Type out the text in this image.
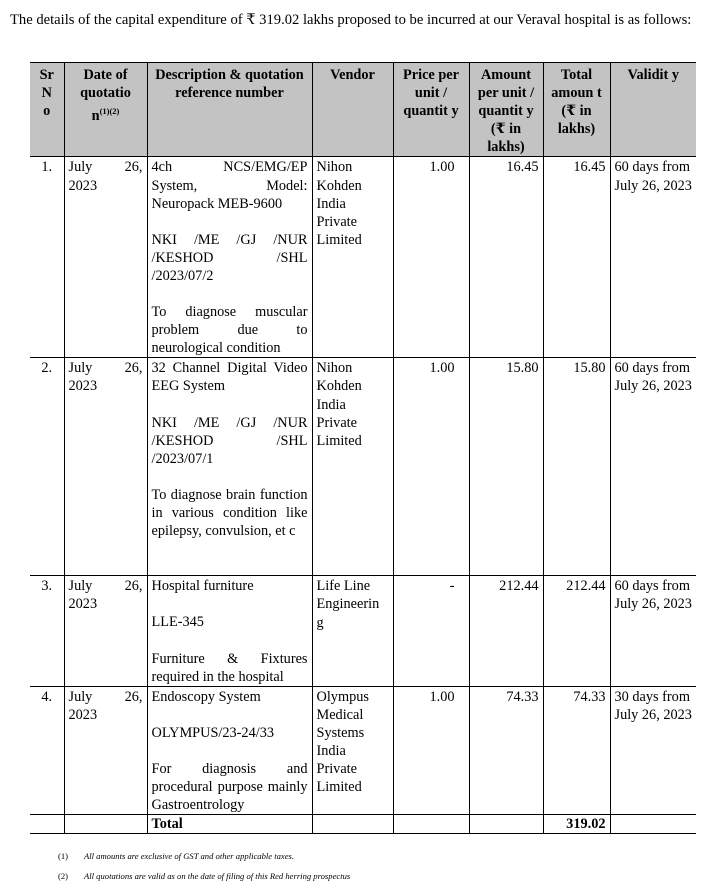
The details of the capital expenditure of ₹ 319.02 lakhs proposed to be incurred at our Veraval hospital is as follows:
Sr N o	Date of quotatio $n^{(1)(2)}$	Description & quotation reference number	Vendor	Price per unit / quantit y	Amount per unit / quantit y (₹ in lakhs)	Total amoun t (₹ in lakhs)	Validit y

1.	July 26, 2023	4ch NCS/EMG/EP System, Model: Neuropack MEB-9600
NKI /ME /GJ /NUR /KESHOD /SHL /2023/07/2
To diagnose muscular problem due to neurological condition	Nihon Kohden India Private Limited	1.00	16.45	16.45	60 days from July 26, 2023
2.	July 26, 2023	32 Channel Digital Video EEG System
NKI /ME /GJ /NUR /KESHOD /SHL /2023/07/1
To diagnose brain function in various condition like epilepsy, convulsion, et c	Nihon Kohden India Private Limited	1.00	15.80	15.80	60 days from July 26, 2023
3.	July 26, 2023	Hospital furniture
LLE-345
Furniture & Fixtures required in the hospital	Life Line Engineerin g	-	212.44	212.44	60 days from July 26, 2023
4.	July 26, 2023	Endoscopy System
OLYMPUS/23-24/33
For diagnosis and procedural purpose mainly Gastroentrology	Olympus Medical Systems India Private Limited	1.00	74.33	74.33	30 days from July 26, 2023
		Total				319.02	
(1) All amounts are exclusive of GST and other applicable taxes.
(2) All quotations are valid as on the date of filing of this Red herring prospectus
